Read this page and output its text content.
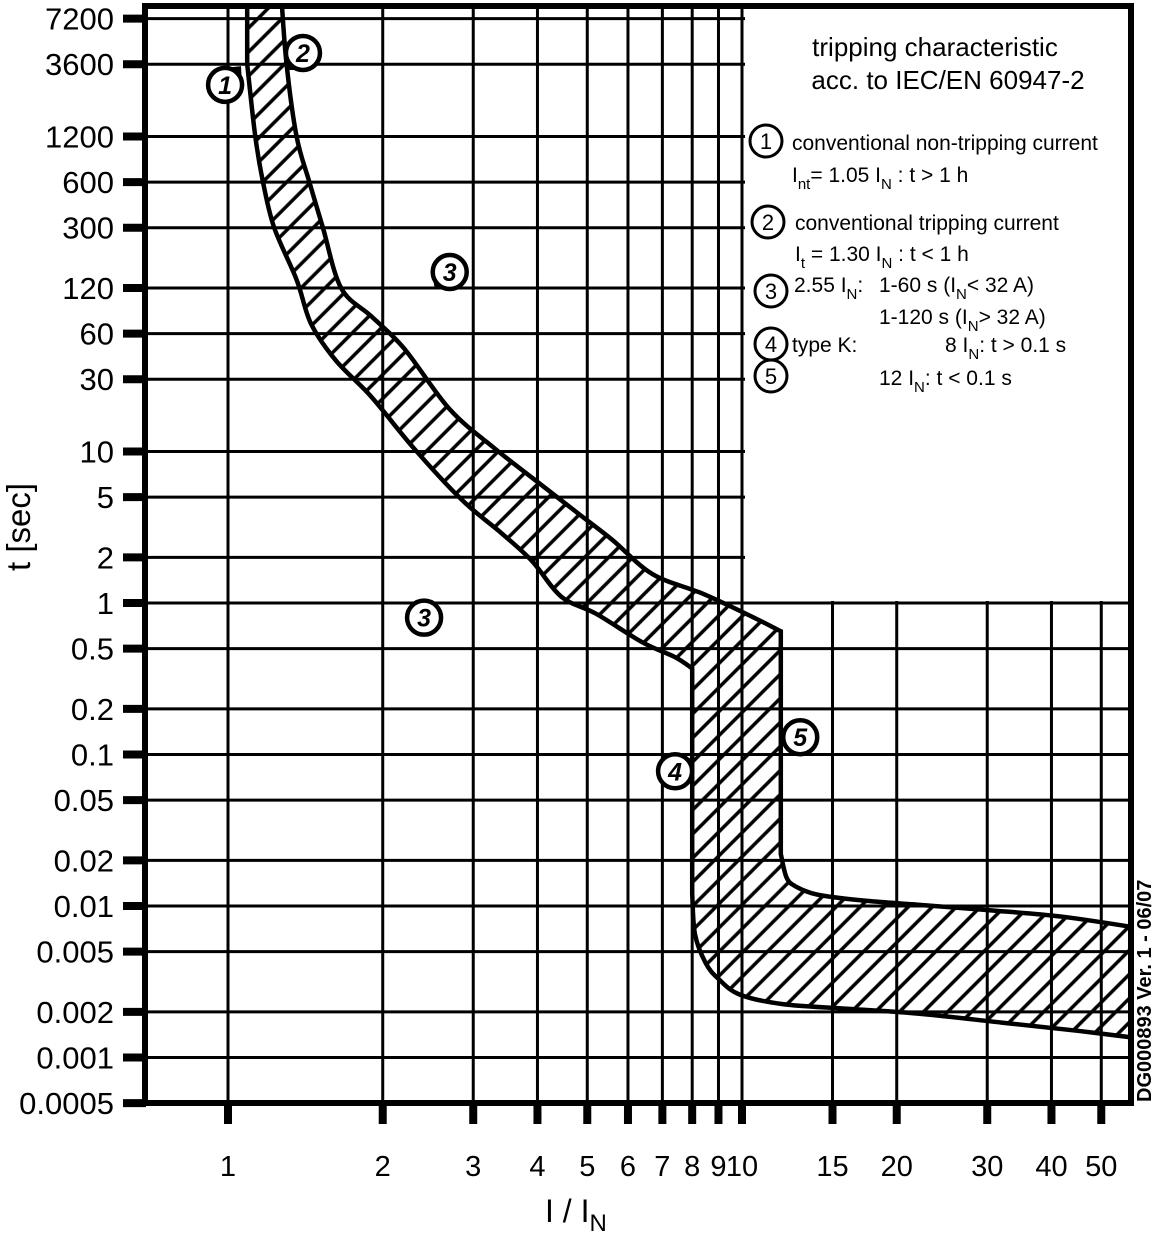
7200
3600
1200
600
300
120
60
30
10
5
2
1
0.5
0.2
0.1
0.05
0.02
0.01
0.005
0.002
0.001
0.0005
1	2	3 4 5 6 7 8 9 10 15 20 30 40 50
1
2
3
3
4
5
1
2
3
4
5
conventional non-tripping current
$I_{nt}= 1.05$ $I_N$ : t > 1 h
conventional tripping current
$I_t = 1.30$ $I_N$ : t < 1 h
2.55 $I_N$: 1-60 s ($I_N< 32$ A)
1-120 s ($I_N> 32$ A)
type K:	8 $I_N$: t > 0.1 s
12 $I_N$: t < 0.1 s
t [sec]
I / $I_N$
DG000893 Ver. 1 - 06/07
tripping characteristic
acc. to IEC/EN 60947-2
